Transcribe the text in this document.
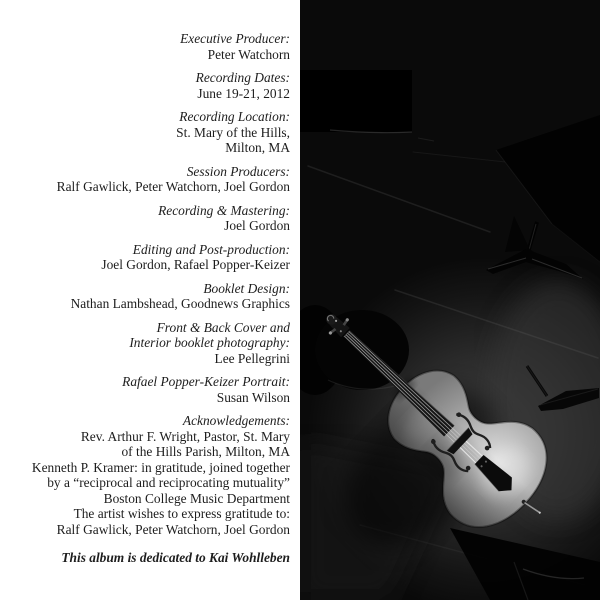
Executive Producer:
Peter Watchorn
Recording Dates:
June 19-21, 2012
Recording Location:
St. Mary of the Hills,
Milton, MA
Session Producers:
Ralf Gawlick, Peter Watchorn, Joel Gordon
Recording & Mastering:
Joel Gordon
Editing and Post-production:
Joel Gordon, Rafael Popper-Keizer
Booklet Design:
Nathan Lambshead, Goodnews Graphics
Front & Back Cover and
Interior booklet photography:
Lee Pellegrini
Rafael Popper-Keizer Portrait:
Susan Wilson
Acknowledgements:
Rev. Arthur F. Wright, Pastor, St. Mary
of the Hills Parish, Milton, MA
Kenneth P. Kramer: in gratitude, joined together
by a “reciprocal and reciprocating mutuality”
Boston College Music Department
The artist wishes to express gratitude to:
Ralf Gawlick, Peter Watchorn, Joel Gordon
This album is dedicated to Kai Wohlleben
